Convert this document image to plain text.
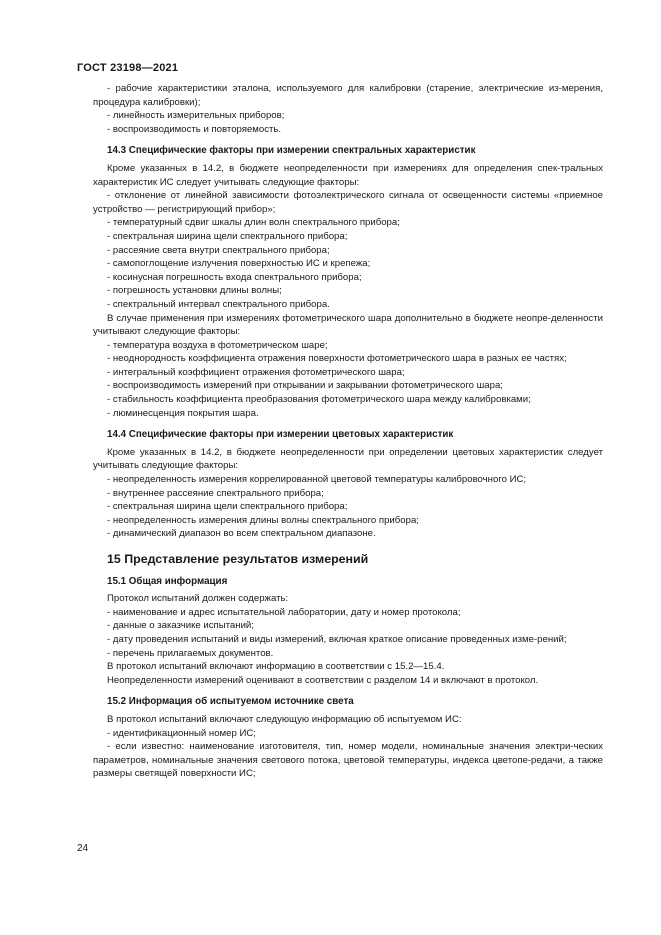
ГОСТ 23198—2021

- рабочие характеристики эталона, используемого для калибровки (старение, электрические из-мерения, процедура калибровки);

- линейность измерительных приборов;

- воспроизводимость и повторяемость.

14.3 Специфические факторы при измерении спектральных характеристик

Кроме указанных в 14.2, в бюджете неопределенности при измерениях для определения спек-тральных характеристик ИС следует учитывать следующие факторы:

- отклонение от линейной зависимости фотоэлектрического сигнала от освещенности системы «приемное устройство — регистрирующий прибор»;

- температурный сдвиг шкалы длин волн спектрального прибора;

- спектральная ширина щели спектрального прибора;

- рассеяние света внутри спектрального прибора;

- самопоглощение излучения поверхностью ИС и крепежа;

- косинусная погрешность входа спектрального прибора;

- погрешность установки длины волны;

- спектральный интервал спектрального прибора.

В случае применения при измерениях фотометрического шара дополнительно в бюджете неопре-деленности учитывают следующие факторы:

- температура воздуха в фотометрическом шаре;

- неоднородность коэффициента отражения поверхности фотометрического шара в разных ее частях;

- интегральный коэффициент отражения фотометрического шара;

- воспроизводимость измерений при открывании и закрывании фотометрического шара;

- стабильность коэффициента преобразования фотометрического шара между калибровками;

- люминесценция покрытия шара.

14.4 Специфические факторы при измерении цветовых характеристик

Кроме указанных в 14.2, в бюджете неопределенности при определении цветовых характеристик следует учитывать следующие факторы:

- неопределенность измерения коррелированной цветовой температуры калибровочного ИС;

- внутреннее рассеяние спектрального прибора;

- спектральная ширина щели спектрального прибора;

- неопределенность измерения длины волны спектрального прибора;

- динамический диапазон во всем спектральном диапазоне.

15 Представление результатов измерений

15.1 Общая информация

Протокол испытаний должен содержать:

- наименование и адрес испытательной лаборатории, дату и номер протокола;

- данные о заказчике испытаний;

- дату проведения испытаний и виды измерений, включая краткое описание проведенных изме-рений;

- перечень прилагаемых документов.

В протокол испытаний включают информацию в соответствии с 15.2—15.4.

Неопределенности измерений оценивают в соответствии с разделом 14 и включают в протокол.

15.2 Информация об испытуемом источнике света

В протокол испытаний включают следующую информацию об испытуемом ИС:

- идентификационный номер ИС;

- если известно: наименование изготовителя, тип, номер модели, номинальные значения электри-ческих параметров, номинальные значения светового потока, цветовой температуры, индекса цветопе-редачи, а также размеры светящей поверхности ИС;

24
